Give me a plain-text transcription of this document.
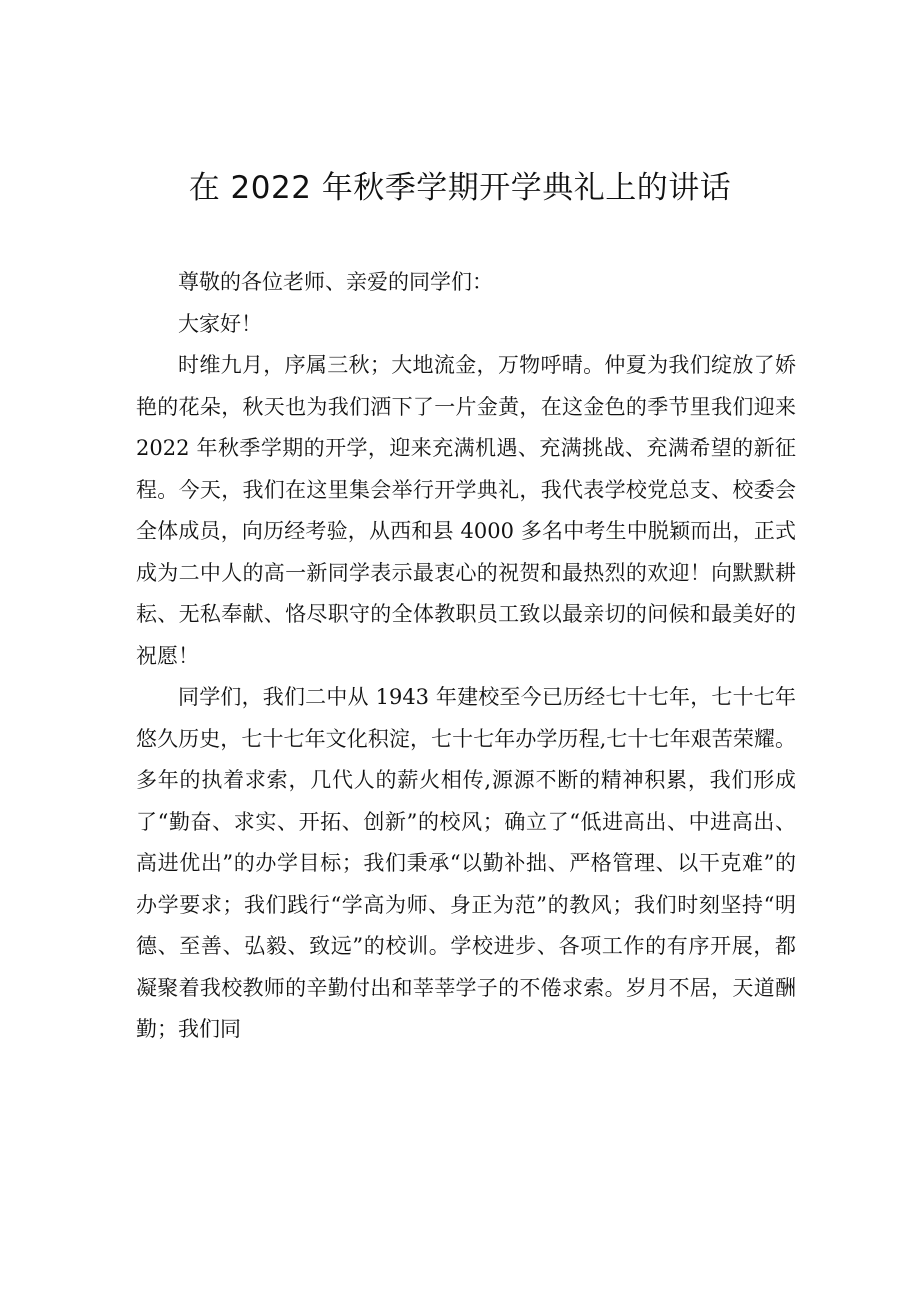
在 2022 年秋季学期开学典礼上的讲话

尊敬的各位老师、亲爱的同学们：

大家好！

时维九月，序属三秋；大地流金，万物呼晴。仲夏为我们绽放了娇艳的花朵，秋天也为我们洒下了一片金黄，在这金色的季节里我们迎来 2022 年秋季学期的开学，迎来充满机遇、充满挑战、充满希望的新征程。今天，我们在这里集会举行开学典礼，我代表学校党总支、校委会全体成员，向历经考验，从西和县 4000 多名中考生中脱颖而出，正式成为二中人的高一新同学表示最衷心的祝贺和最热烈的欢迎！向默默耕耘、无私奉献、恪尽职守的全体教职员工致以最亲切的问候和最美好的祝愿！

同学们，我们二中从 1943 年建校至今已历经七十七年，七十七年悠久历史，七十七年文化积淀，七十七年办学历程,七十七年艰苦荣耀。多年的执着求索，几代人的薪火相传,源源不断的精神积累，我们形成了“勤奋、求实、开拓、创新”的校风；确立了“低进高出、中进高出、高进优出”的办学目标；我们秉承“以勤补拙、严格管理、以干克难”的办学要求；我们践行“学高为师、身正为范”的教风；我们时刻坚持“明德、至善、弘毅、致远”的校训。学校进步、各项工作的有序开展，都凝聚着我校教师的辛勤付出和莘莘学子的不倦求索。岁月不居，天道酬勤；我们同
